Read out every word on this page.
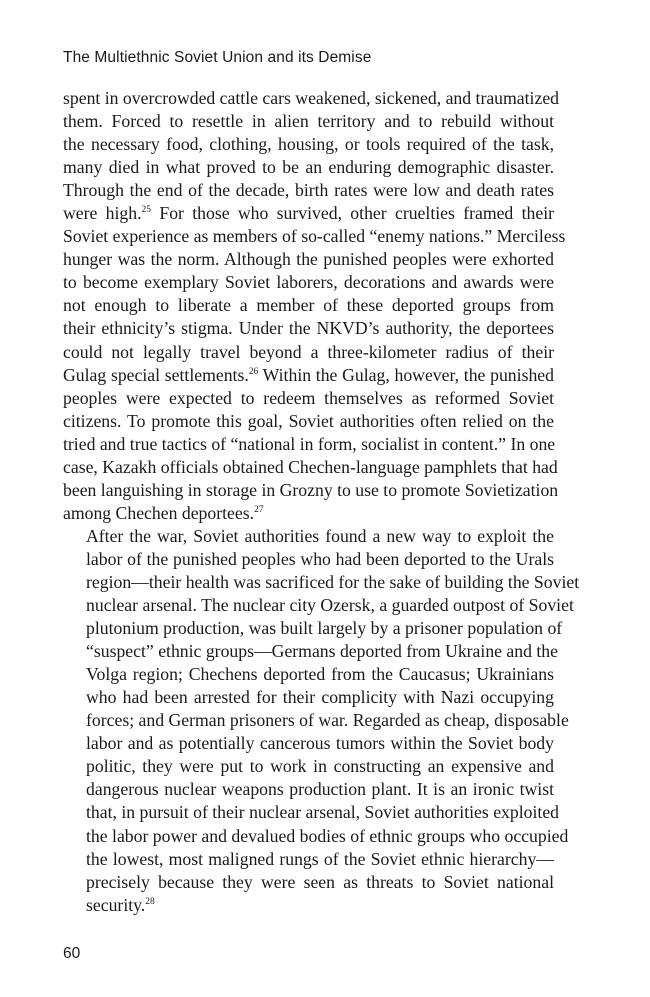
The Multiethnic Soviet Union and its Demise

spent in overcrowded cattle cars weakened, sickened, and traumatized
them. Forced to resettle in alien territory and to rebuild without
the necessary food, clothing, housing, or tools required of the task,
many died in what proved to be an enduring demographic disaster.
Through the end of the decade, birth rates were low and death rates
were high.$^{25}$ For those who survived, other cruelties framed their
Soviet experience as members of so-called “enemy nations.” Merciless
hunger was the norm. Although the punished peoples were exhorted
to become exemplary Soviet laborers, decorations and awards were
not enough to liberate a member of these deported groups from
their ethnicity’s stigma. Under the NKVD’s authority, the deportees
could not legally travel beyond a three-kilometer radius of their
Gulag special settlements.$^{26}$ Within the Gulag, however, the punished
peoples were expected to redeem themselves as reformed Soviet
citizens. To promote this goal, Soviet authorities often relied on the
tried and true tactics of “national in form, socialist in content.” In one
case, Kazakh officials obtained Chechen-language pamphlets that had
been languishing in storage in Grozny to use to promote Sovietization
among Chechen deportees.$^{27}$

After the war, Soviet authorities found a new way to exploit the
labor of the punished peoples who had been deported to the Urals
region—their health was sacrificed for the sake of building the Soviet
nuclear arsenal. The nuclear city Ozersk, a guarded outpost of Soviet
plutonium production, was built largely by a prisoner population of
“suspect” ethnic groups—Germans deported from Ukraine and the
Volga region; Chechens deported from the Caucasus; Ukrainians
who had been arrested for their complicity with Nazi occupying
forces; and German prisoners of war. Regarded as cheap, disposable
labor and as potentially cancerous tumors within the Soviet body
politic, they were put to work in constructing an expensive and
dangerous nuclear weapons production plant. It is an ironic twist
that, in pursuit of their nuclear arsenal, Soviet authorities exploited
the labor power and devalued bodies of ethnic groups who occupied
the lowest, most maligned rungs of the Soviet ethnic hierarchy—
precisely because they were seen as threats to Soviet national
security.$^{28}$

60
